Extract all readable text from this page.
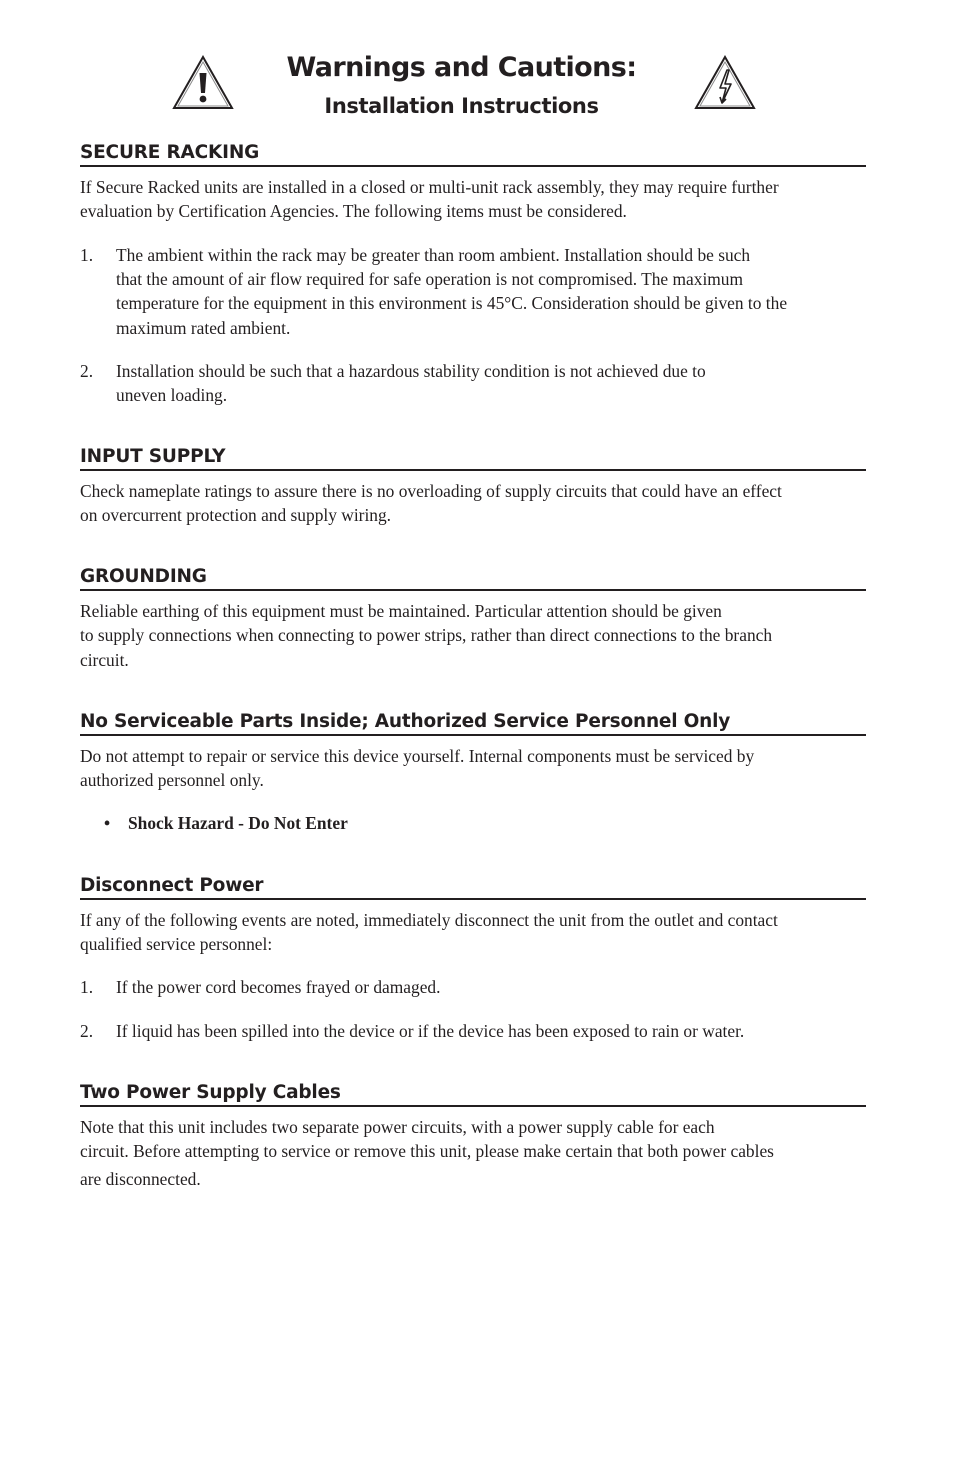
Warnings and Cautions:
Installation Instructions
SECURE RACKING
If Secure Racked units are installed in a closed or multi-unit rack assembly, they may require further
evaluation by Certification Agencies. The following items must be considered.
1. The ambient within the rack may be greater than room ambient. Installation should be such
that the amount of air flow required for safe operation is not compromised. The maximum
temperature for the equipment in this environment is 45°C. Consideration should be given to the
maximum rated ambient.
2. Installation should be such that a hazardous stability condition is not achieved due to
uneven loading.
INPUT SUPPLY
Check nameplate ratings to assure there is no overloading of supply circuits that could have an effect
on overcurrent protection and supply wiring.
GROUNDING
Reliable earthing of this equipment must be maintained. Particular attention should be given
to supply connections when connecting to power strips, rather than direct connections to the branch
circuit.
No Serviceable Parts Inside; Authorized Service Personnel Only
Do not attempt to repair or service this device yourself. Internal components must be serviced by
authorized personnel only.
• Shock Hazard - Do Not Enter
Disconnect Power
If any of the following events are noted, immediately disconnect the unit from the outlet and contact
qualified service personnel:
1. If the power cord becomes frayed or damaged.
2. If liquid has been spilled into the device or if the device has been exposed to rain or water.
Two Power Supply Cables
Note that this unit includes two separate power circuits, with a power supply cable for each
circuit. Before attempting to service or remove this unit, please make certain that both power cables
are disconnected.
